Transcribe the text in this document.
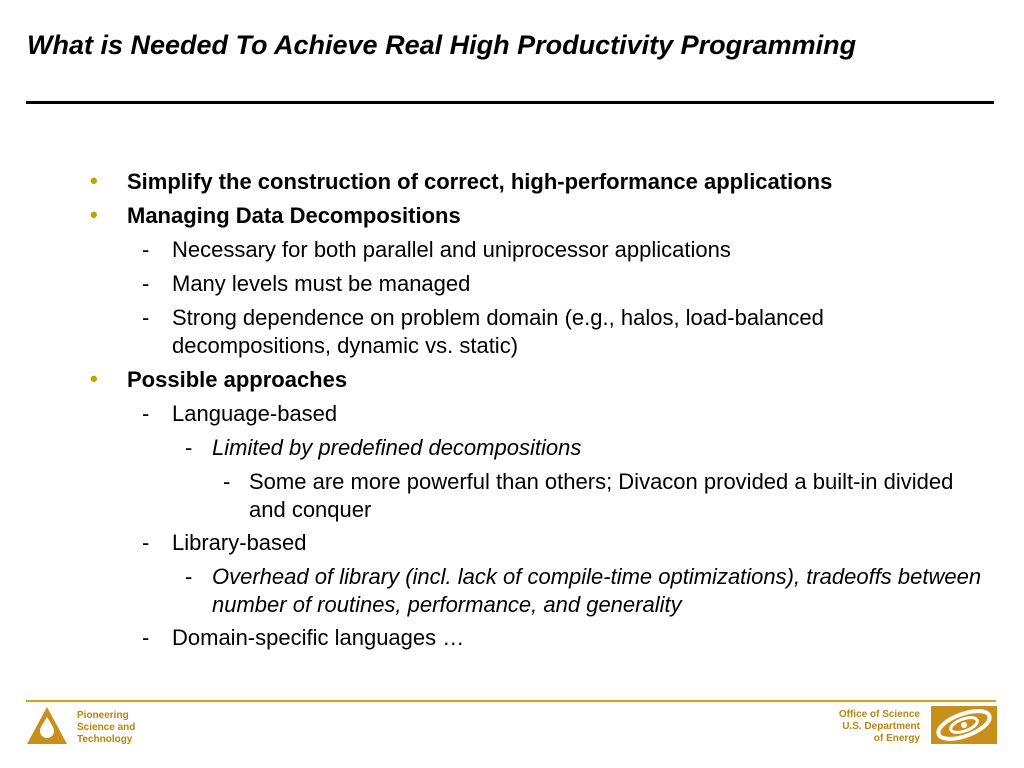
What is Needed To Achieve Real High Productivity Programming
• Simplify the construction of correct, high-performance applications
• Managing Data Decompositions
- Necessary for both parallel and uniprocessor applications
- Many levels must be managed
- Strong dependence on problem domain (e.g., halos, load-balanced decompositions, dynamic vs. static)
• Possible approaches
- Language-based
- Limited by predefined decompositions
- Some are more powerful than others; Divacon provided a built-in divided and conquer
- Library-based
- Overhead of library (incl. lack of compile-time optimizations), tradeoffs between number of routines, performance, and generality
- Domain-specific languages …
Pioneering
Science and
Technology
Office of Science
U.S. Department
of Energy
